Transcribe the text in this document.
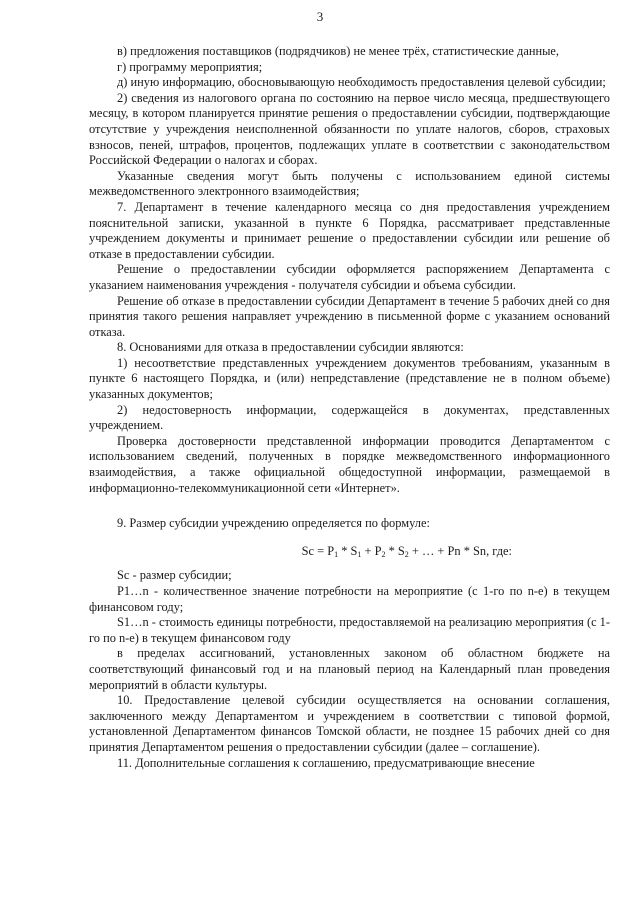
3

в) предложения поставщиков (подрядчиков) не менее трёх, статистические данные,

г) программу мероприятия;

д) иную информацию, обосновывающую необходимость предоставления целевой субсидии;

2) сведения из налогового органа по состоянию на первое число месяца, предшествующего месяцу, в котором планируется принятие решения о предоставлении субсидии, подтверждающие отсутствие у учреждения неисполненной обязанности по уплате налогов, сборов, страховых взносов, пеней, штрафов, процентов, подлежащих уплате в соответствии с законодательством Российской Федерации о налогах и сборах.

Указанные сведения могут быть получены с использованием единой системы межведомственного электронного взаимодействия;

7. Департамент в течение календарного месяца со дня предоставления учреждением пояснительной записки, указанной в пункте 6 Порядка, рассматривает представленные учреждением документы и принимает решение о предоставлении субсидии или решение об отказе в предоставлении субсидии.

Решение о предоставлении субсидии оформляется распоряжением Департамента с указанием наименования учреждения - получателя субсидии и объема субсидии.

Решение об отказе в предоставлении субсидии Департамент в течение 5 рабочих дней со дня принятия такого решения направляет учреждению в письменной форме с указанием оснований отказа.

8. Основаниями для отказа в предоставлении субсидии являются:

1) несоответствие представленных учреждением документов требованиям, указанным в пункте 6 настоящего Порядка, и (или) непредставление (представление не в полном объеме) указанных документов;

2) недостоверность информации, содержащейся в документах, представленных учреждением.

Проверка достоверности представленной информации проводится Департаментом с использованием сведений, полученных в порядке межведомственного информационного взаимодействия, а также официальной общедоступной информации, размещаемой в информационно-телекоммуникационной сети «Интернет».

9. Размер субсидии учреждению определяется по формуле:

$Sc = P_1 * S_1 + P_2 * S_2$ + … + Pn * Sn, где:

Sc - размер субсидии;

P1…n - количественное значение потребности на мероприятие (с 1-го по n-е) в текущем финансовом году;

S1…n - стоимость единицы потребности, предоставляемой на реализацию мероприятия (с 1-го по n-е) в текущем финансовом году

в пределах ассигнований, установленных законом об областном бюджете на соответствующий финансовый год и на плановый период на Календарный план проведения мероприятий в области культуры.

10. Предоставление целевой субсидии осуществляется на основании соглашения, заключенного между Департаментом и учреждением в соответствии с типовой формой, установленной Департаментом финансов Томской области, не позднее 15 рабочих дней со дня принятия Департаментом решения о предоставлении субсидии (далее – соглашение).

11. Дополнительные соглашения к соглашению, предусматривающие внесение
